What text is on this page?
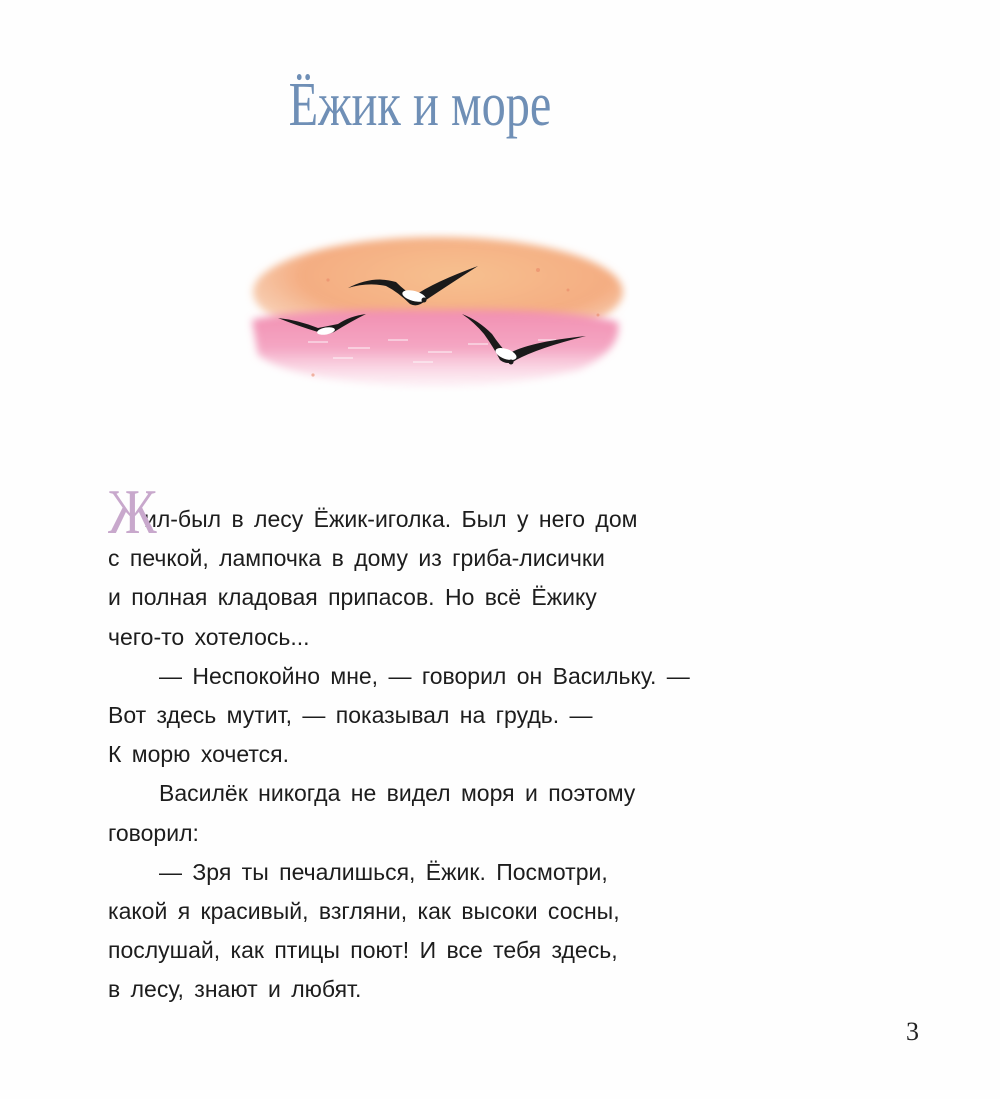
Ёжик и море
Жил-был в лесу Ёжик-иголка. Был у него дом
с печкой, лампочка в дому из гриба-лисички
и полная кладовая припасов. Но всё Ёжику
чего-то хотелось...
— Неспокойно мне, — говорил он Васильку. —
Вот здесь мутит, — показывал на грудь. —
К морю хочется.
Василёк никогда не видел моря и поэтому
говорил:
— Зря ты печалишься, Ёжик. Посмотри,
какой я красивый, взгляни, как высоки сосны,
послушай, как птицы поют! И все тебя здесь,
в лесу, знают и любят.
3
